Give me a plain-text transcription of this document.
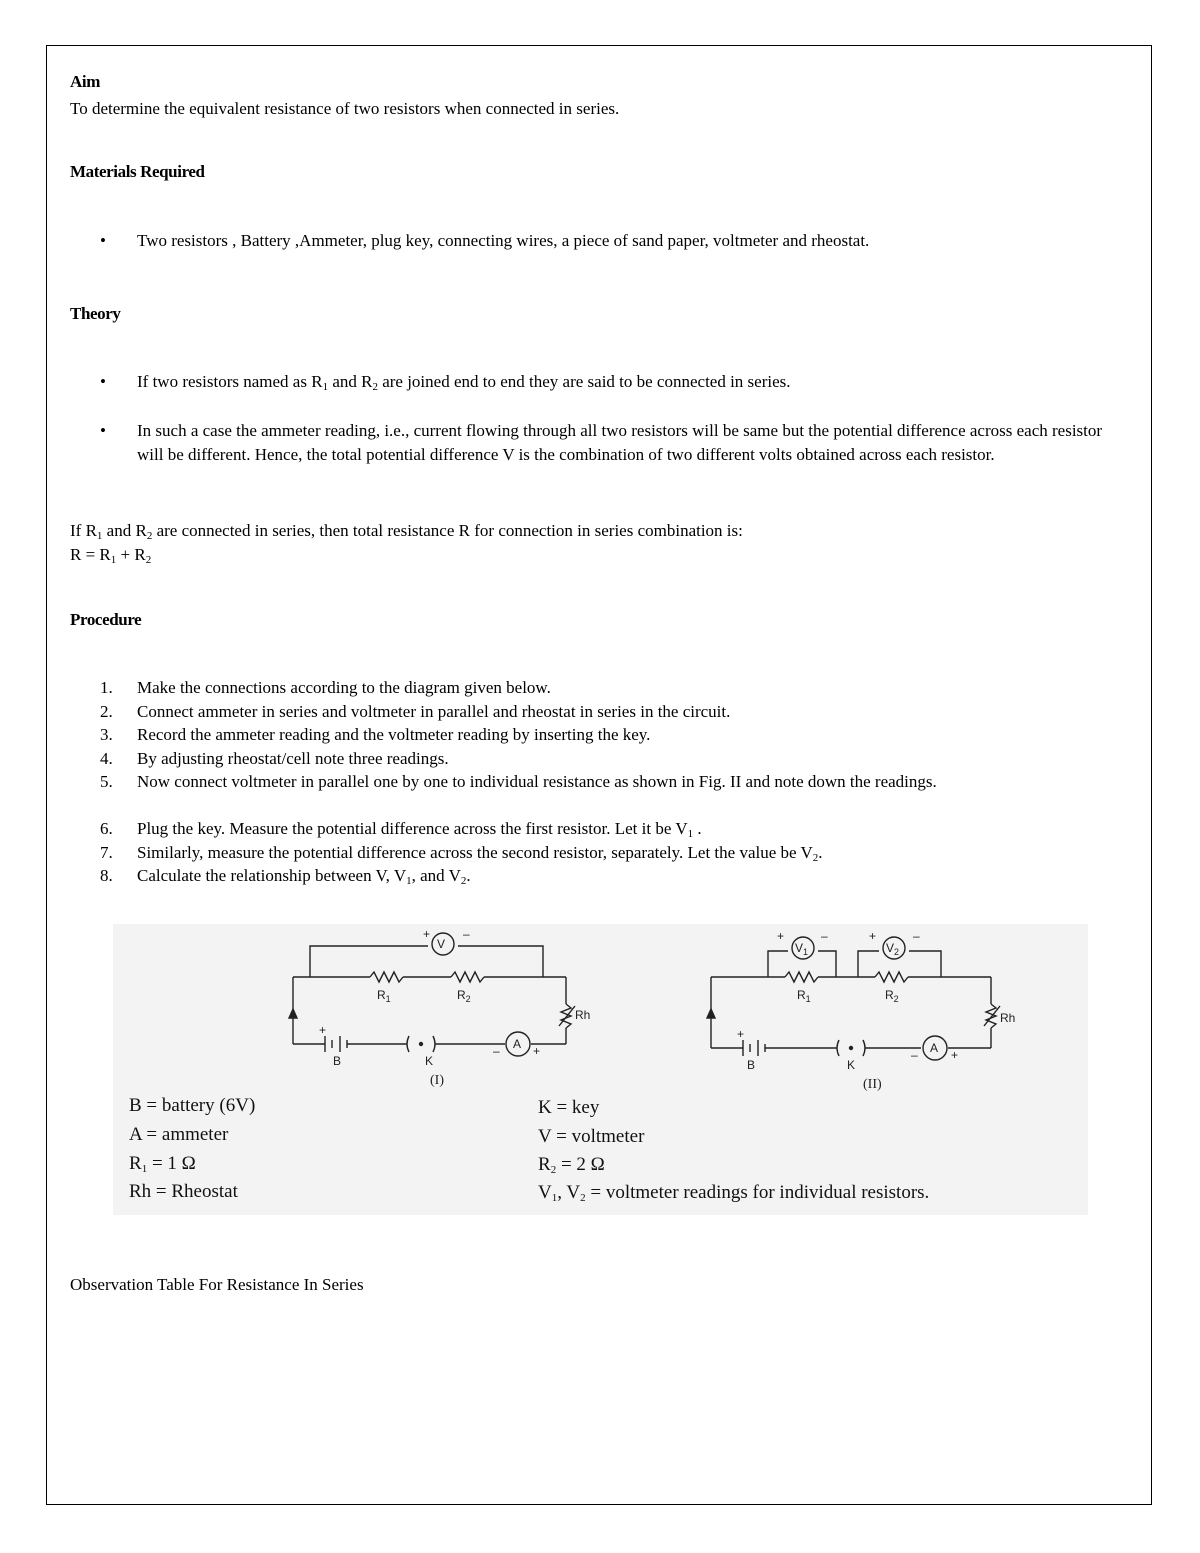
Aim
To determine the equivalent resistance of two resistors when connected in series.
Materials Required
• Two resistors , Battery ,Ammeter, plug key, connecting wires, a piece of sand paper, voltmeter and rheostat.
Theory
• If two resistors named as $R_1$ and $R_2$ are joined end to end they are said to be connected in series.
• In such a case the ammeter reading, i.e., current flowing through all two resistors will be same but the potential difference across each resistor will be different. Hence, the total potential difference V is the combination of two different volts obtained across each resistor.
If $R_1$ and $R_2$ are connected in series, then total resistance R for connection in series combination is:
$R = R_1 + R_2$
Procedure
1. Make the connections according to the diagram given below.
2. Connect ammeter in series and voltmeter in parallel and rheostat in series in the circuit.
3. Record the ammeter reading and the voltmeter reading by inserting the key.
4. By adjusting rheostat/cell note three readings.
5. Now connect voltmeter in parallel one by one to individual resistance as shown in Fig. II and note down the readings.
6. Plug the key. Measure the potential difference across the first resistor. Let it be $V_1$ .
7. Similarly, measure the potential difference across the second resistor, separately. Let the value be $V_2$.
8. Calculate the relationship between V, $V_1$, and $V_2$.
V
+	–
$R_1$	$R_2$
Rh
+
B	K
A
–	+
(I)
$V_1$	$V_2$
+	–	+	–
$R_1$	$R_2$
Rh
+
B	K
A
–	+
(II)
B = battery (6V)
A = ammeter
$R_1 = 1$ Ω
Rh = Rheostat
K = key
V = voltmeter
$R_2 = 2$ Ω
$V_1$, $V_2$ = voltmeter readings for individual resistors.
Observation Table For Resistance In Series
